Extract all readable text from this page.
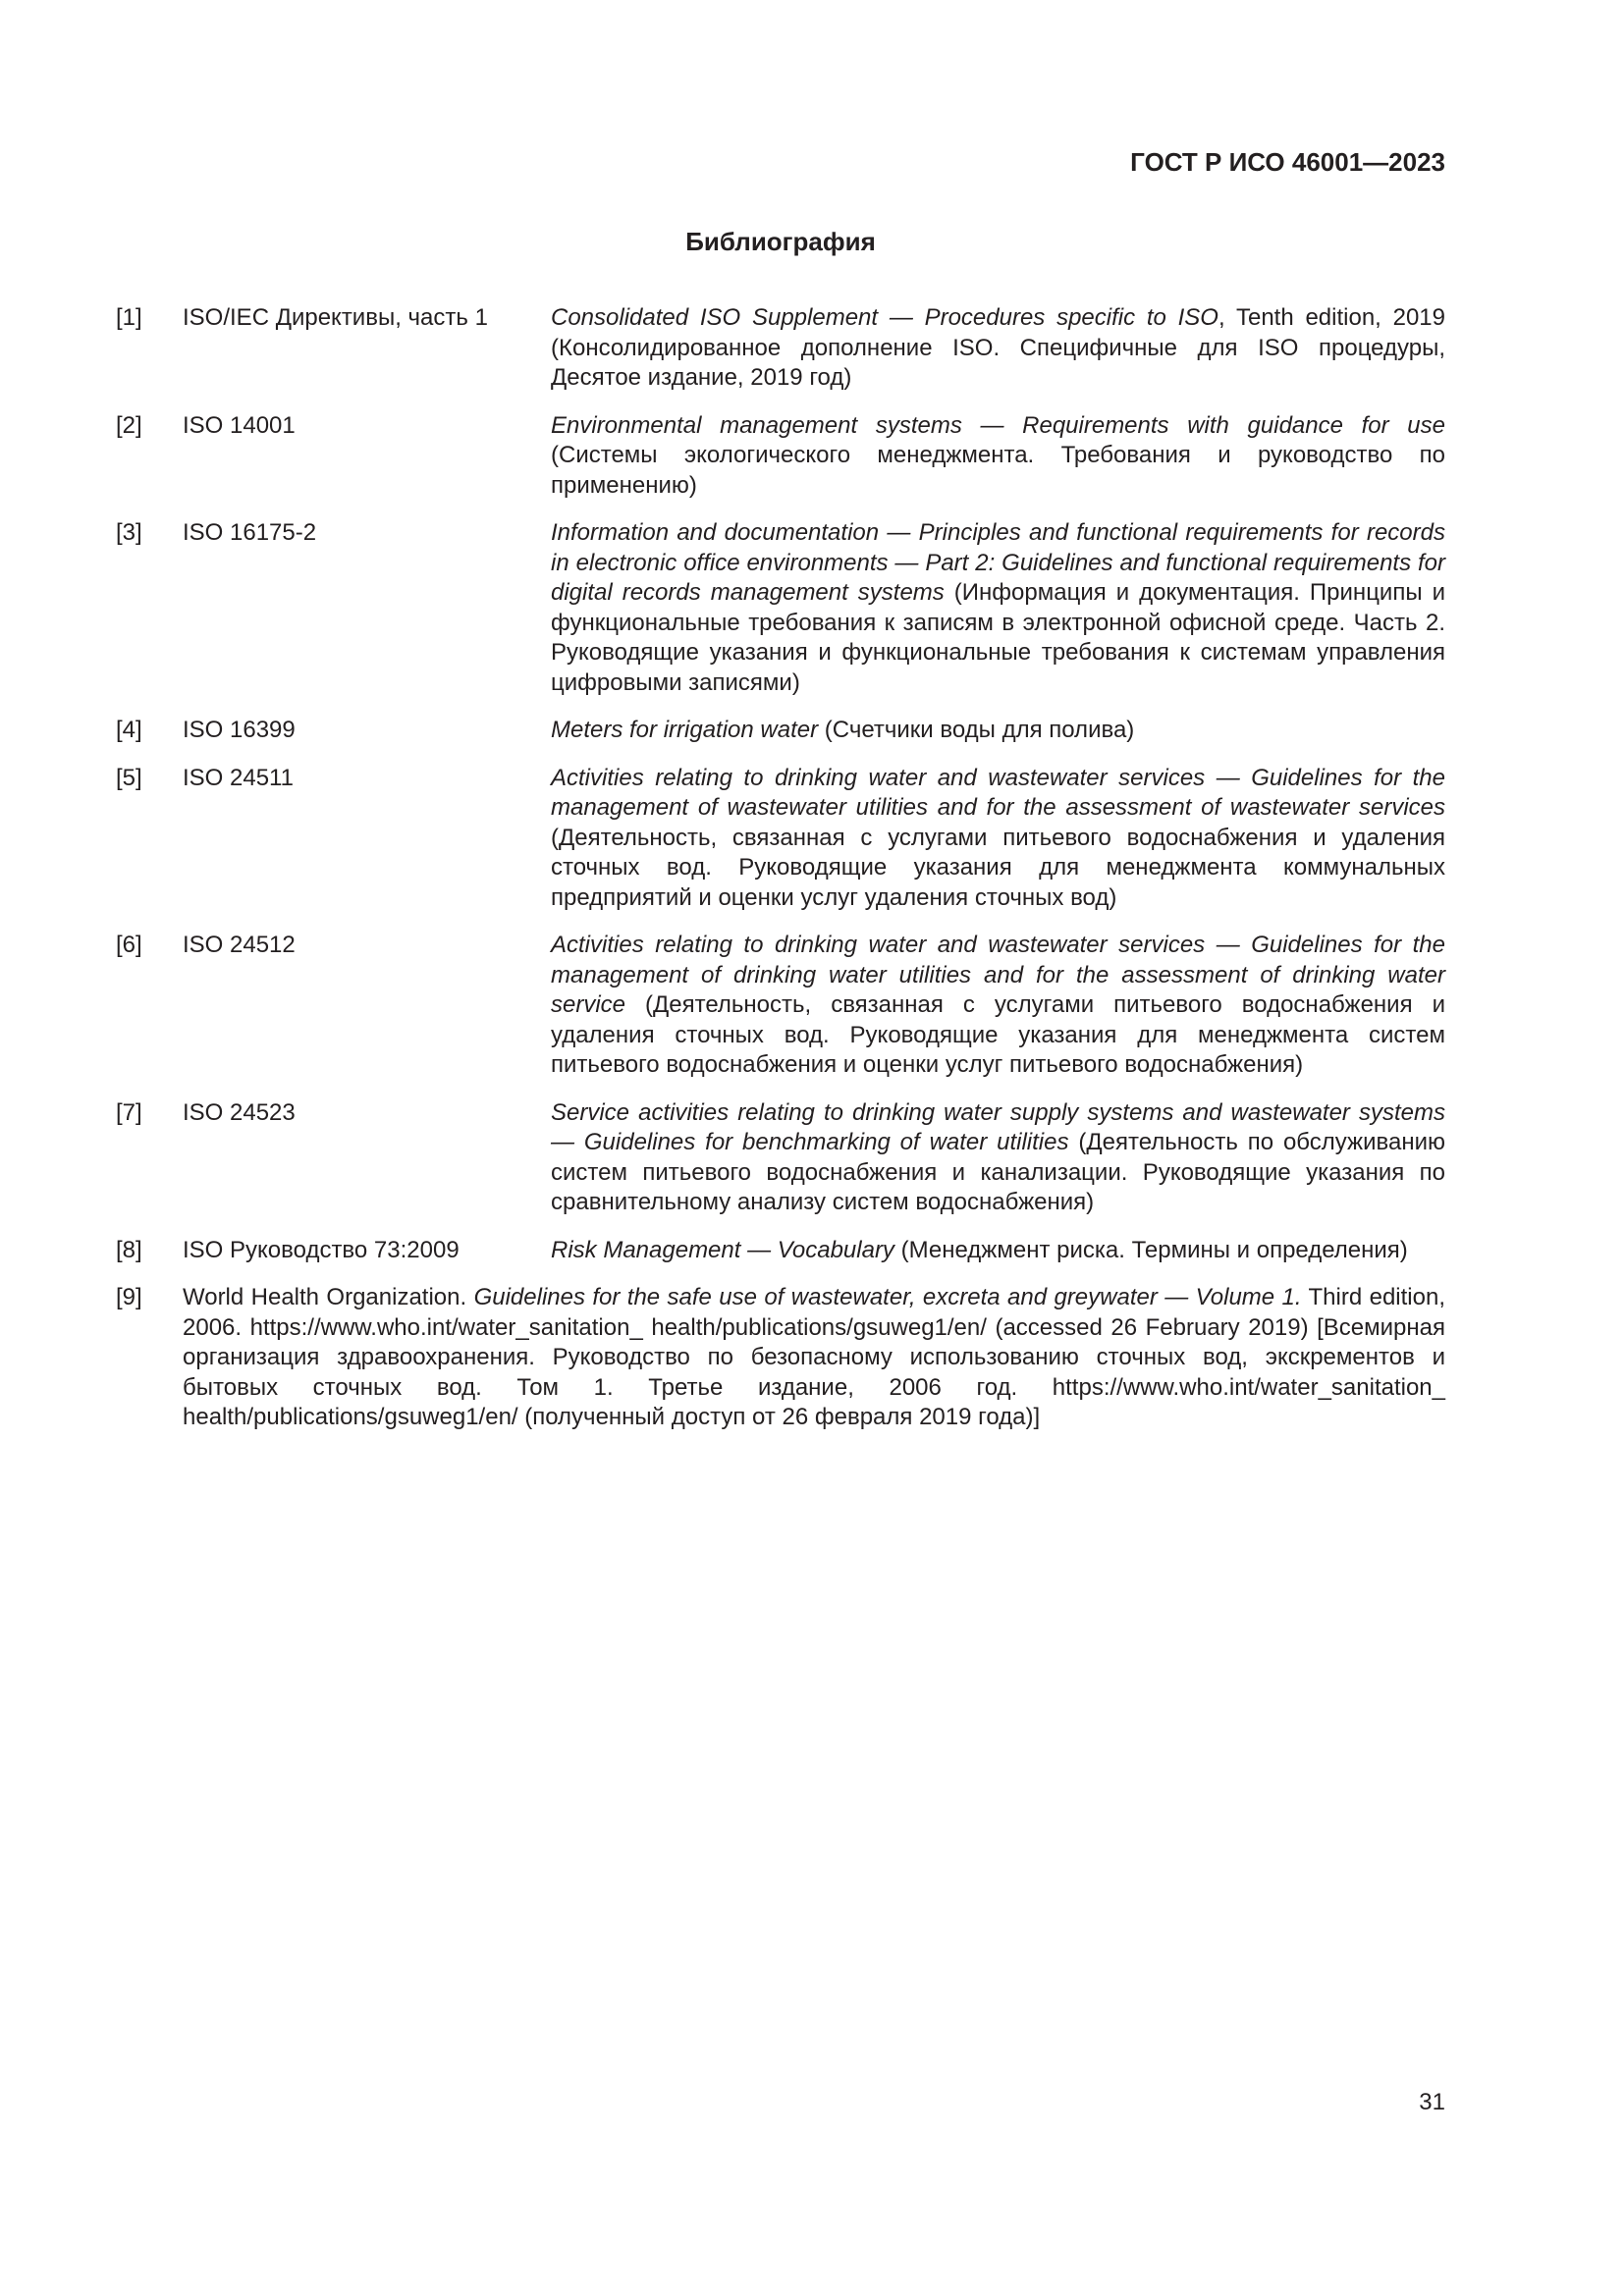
ГОСТ Р ИСО 46001—2023
Библиография
[1] ISO/IEC Директивы, часть 1	Consolidated ISO Supplement — Procedures specific to ISO, Tenth edition, 2019 (Консолидированное дополнение ISO. Специфичные для ISO процедуры, Десятое издание, 2019 год)
[2] ISO 14001	Environmental management systems — Requirements with guidance for use (Системы экологического менеджмента. Требования и руководство по применению)
[3] ISO 16175-2	Information and documentation — Principles and functional requirements for records in electronic office environments — Part 2: Guidelines and functional requirements for digital records management systems (Информация и документация. Принципы и функциональные требования к записям в электронной офисной среде. Часть 2. Руководящие указания и функциональные требования к системам управления цифровыми записями)
[4] ISO 16399	Meters for irrigation water (Счетчики воды для полива)
[5] ISO 24511	Activities relating to drinking water and wastewater services — Guidelines for the management of wastewater utilities and for the assessment of wastewater services (Деятельность, связанная с услугами питьевого водоснабжения и удаления сточных вод. Руководящие указания для менеджмента коммунальных предприятий и оценки услуг удаления сточных вод)
[6] ISO 24512	Activities relating to drinking water and wastewater services — Guidelines for the management of drinking water utilities and for the assessment of drinking water service (Деятельность, связанная с услугами питьевого водоснабжения и удаления сточных вод. Руководящие указания для менеджмента систем питьевого водоснабжения и оценки услуг питьевого водоснабжения)
[7] ISO 24523	Service activities relating to drinking water supply systems and wastewater systems — Guidelines for benchmarking of water utilities (Деятельность по обслуживанию систем питьевого водоснабжения и канализации. Руководящие указания по сравнительному анализу систем водоснабжения)
[8] ISO Руководство 73:2009	Risk Management — Vocabulary (Менеджмент риска. Термины и определения)
[9] World Health Organization. Guidelines for the safe use of wastewater, excreta and greywater — Volume 1. Third edition, 2006. https://www.who.int/water_sanitation_ health/publications/gsuweg1/en/ (accessed 26 February 2019) [Всемирная организация здравоохранения. Руководство по безопасному использованию сточных вод, экскрементов и бытовых сточных вод. Том 1. Третье издание, 2006 год. https://www.who.int/water_sanitation_ health/publications/gsuweg1/en/ (полученный доступ от 26 февраля 2019 года)]
31
